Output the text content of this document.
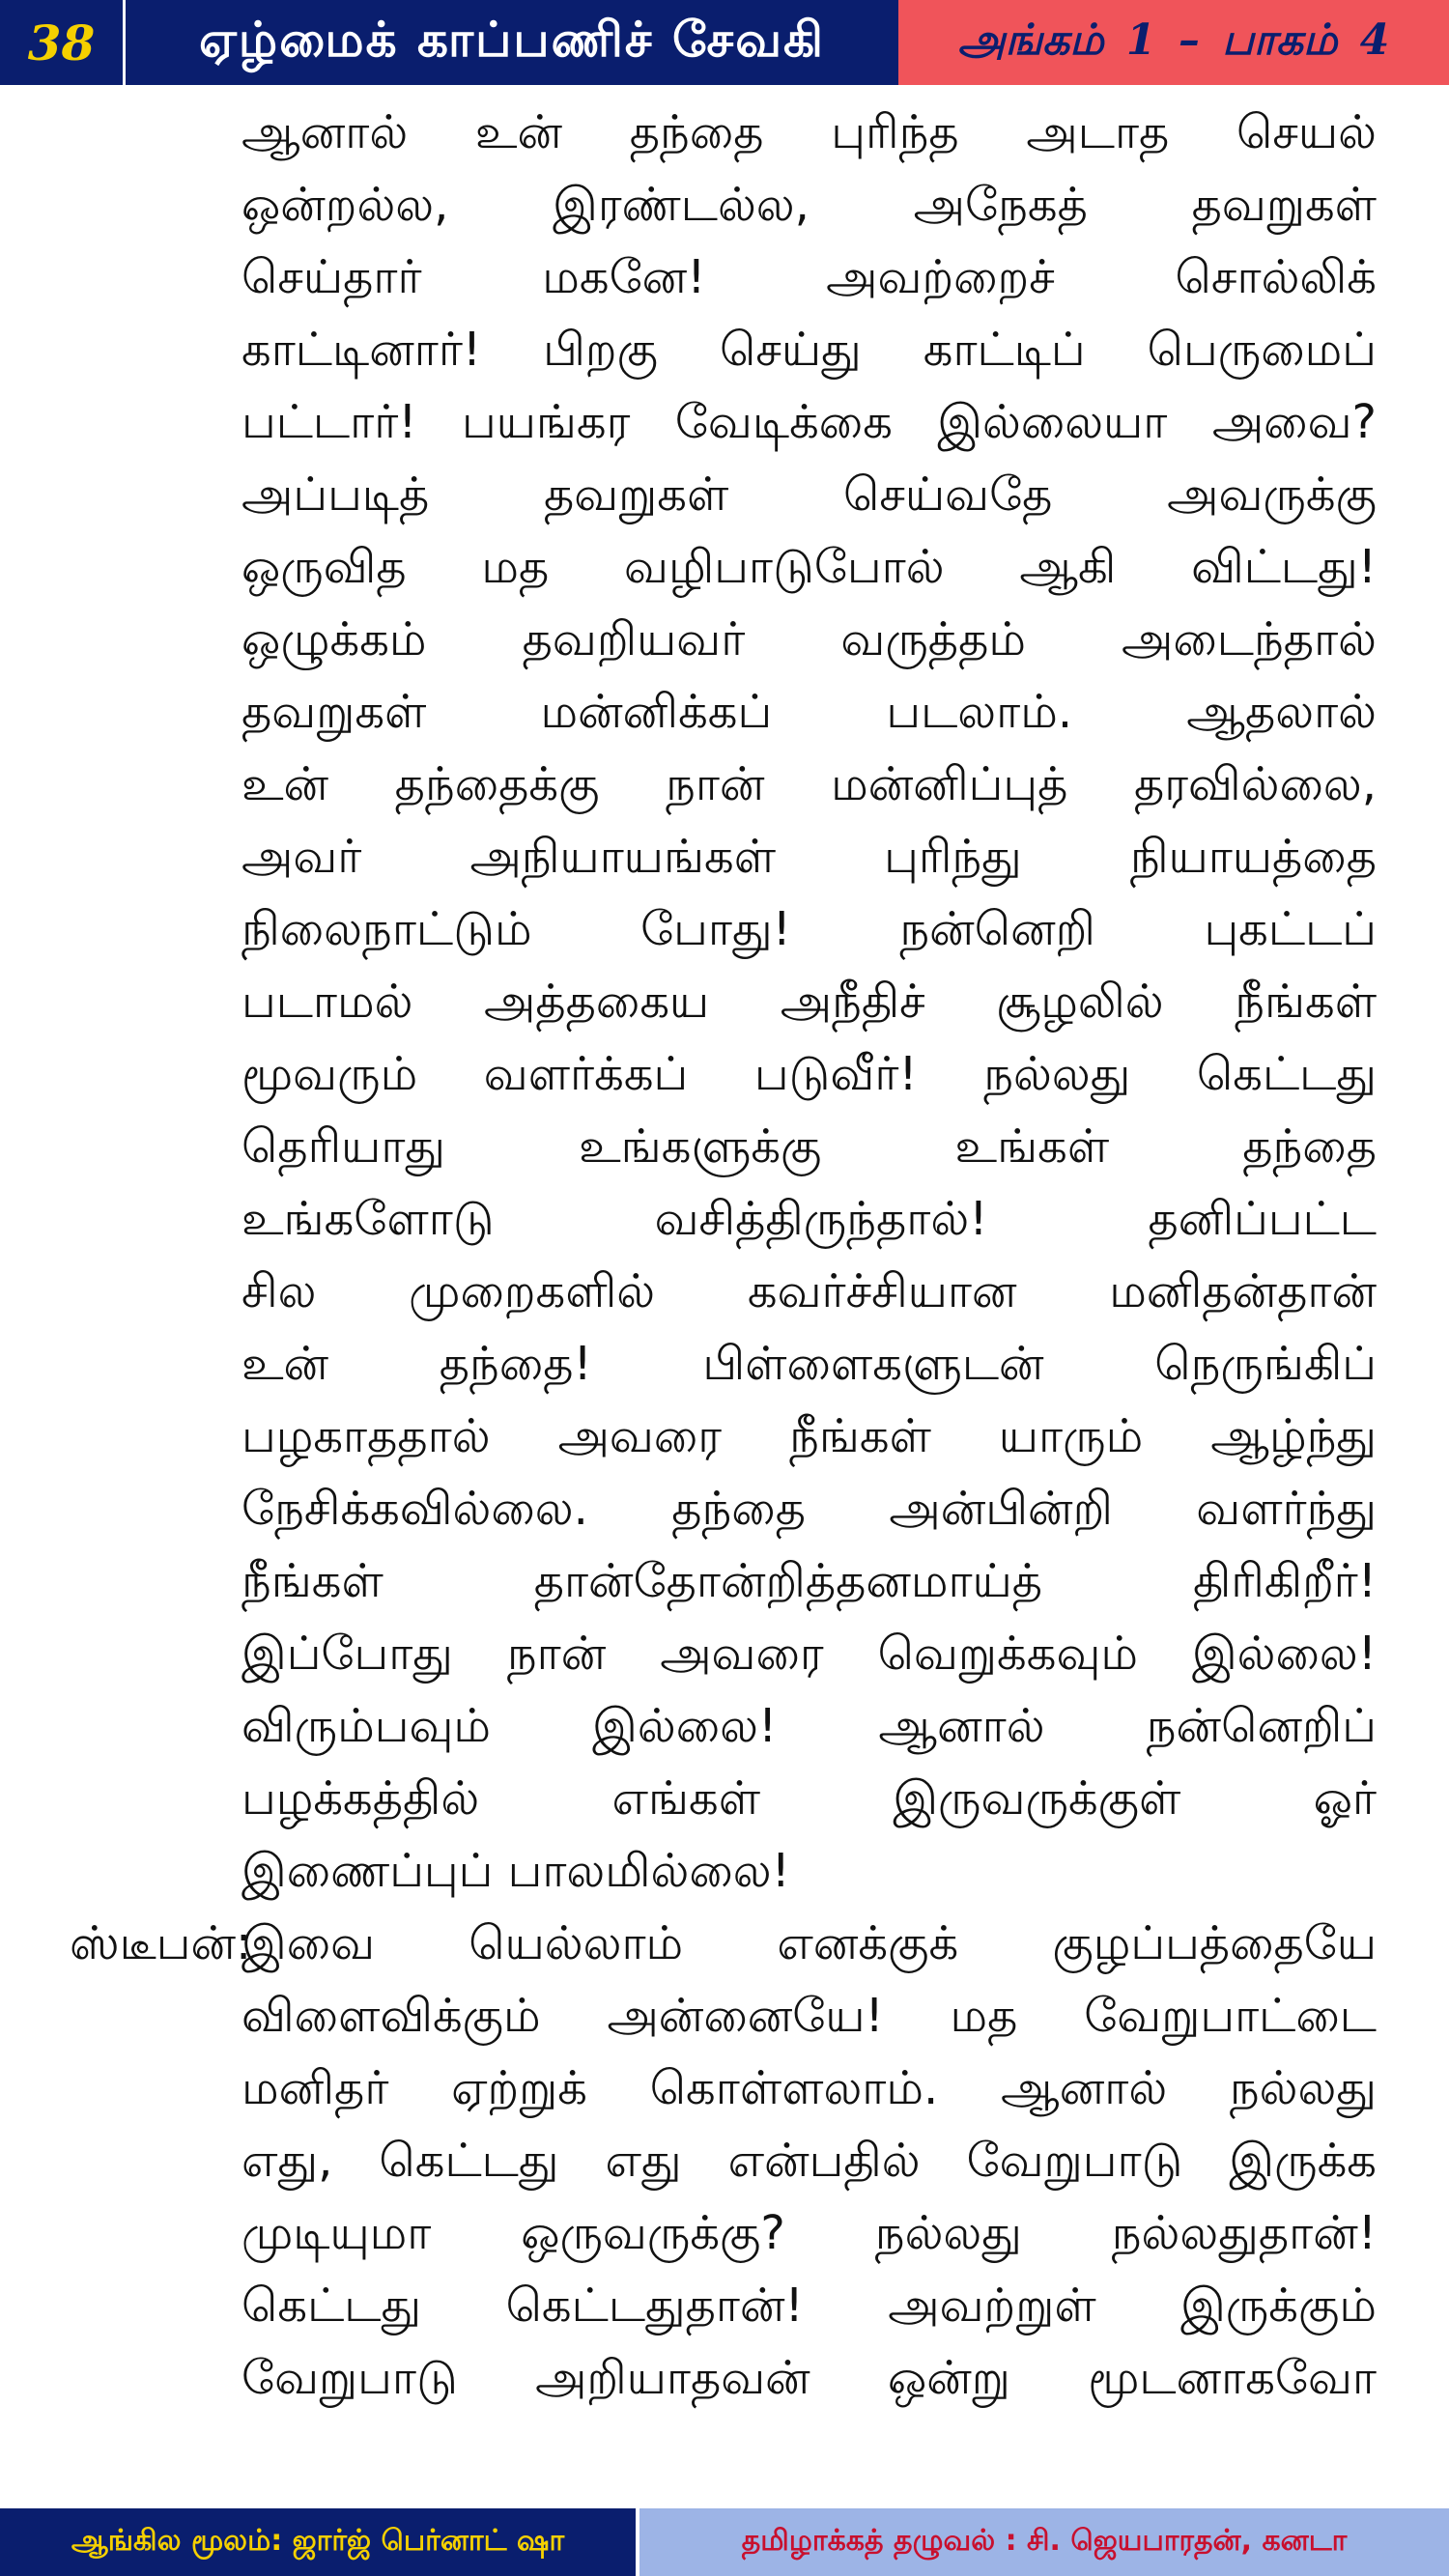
38	ஏழ்மைக் காப்பணிச் சேவகி	அங்கம் 1 – பாகம் 4
ஆனால் உன் தந்தை புரிந்த அடாத செயல்
ஒன்றல்ல, இரண்டல்ல, அநேகத் தவறுகள்
செய்தார் மகனே! அவற்றைச் சொல்லிக்
காட்டினார்! பிறகு செய்து காட்டிப் பெருமைப்
பட்டார்! பயங்கர வேடிக்கை இல்லையா அவை?
அப்படித் தவறுகள் செய்வதே அவருக்கு
ஒருவித மத வழிபாடுபோல் ஆகி விட்டது!
ஒழுக்கம் தவறியவர் வருத்தம் அடைந்தால்
தவறுகள் மன்னிக்கப் படலாம். ஆதலால்
உன் தந்தைக்கு நான் மன்னிப்புத் தரவில்லை,
அவர் அநியாயங்கள் புரிந்து நியாயத்தை
நிலைநாட்டும் போது! நன்னெறி புகட்டப்
படாமல் அத்தகைய அநீதிச் சூழலில் நீங்கள்
மூவரும் வளர்க்கப் படுவீர்! நல்லது கெட்டது
தெரியாது உங்களுக்கு உங்கள் தந்தை
உங்களோடு வசித்திருந்தால்! தனிப்பட்ட
சில முறைகளில் கவர்ச்சியான மனிதன்தான்
உன் தந்தை! பிள்ளைகளுடன் நெருங்கிப்
பழகாததால் அவரை நீங்கள் யாரும் ஆழ்ந்து
நேசிக்கவில்லை. தந்தை அன்பின்றி வளர்ந்து
நீங்கள் தான்தோன்றித்தனமாய்த் திரிகிறீர்!
இப்போது நான் அவரை வெறுக்கவும் இல்லை!
விரும்பவும் இல்லை! ஆனால் நன்னெறிப்
பழக்கத்தில் எங்கள் இருவருக்குள் ஓர்
இணைப்புப் பாலமில்லை!
ஸ்டீபன்:
இவை யெல்லாம் எனக்குக் குழப்பத்தையே
விளைவிக்கும் அன்னையே! மத வேறுபாட்டை
மனிதர் ஏற்றுக் கொள்ளலாம். ஆனால் நல்லது
எது, கெட்டது எது என்பதில் வேறுபாடு இருக்க
முடியுமா ஒருவருக்கு? நல்லது நல்லதுதான்!
கெட்டது கெட்டதுதான்! அவற்றுள் இருக்கும்
வேறுபாடு அறியாதவன் ஒன்று மூடனாகவோ
ஆங்கில மூலம்: ஜார்ஜ் பெர்னாட் ஷா	தமிழாக்கத் தழுவல் : சி. ஜெயபாரதன், கனடா
